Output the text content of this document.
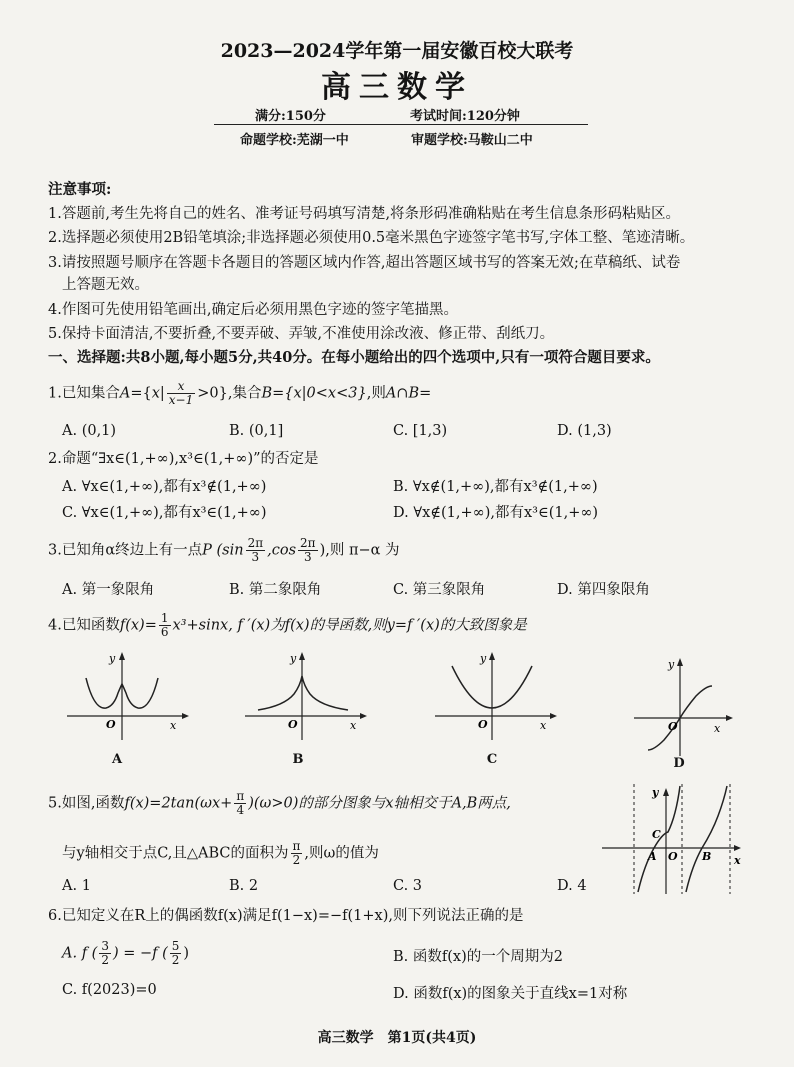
2023—2024学年第一届安徽百校大联考
高三数学
满分:150分	考试时间:120分钟
命题学校:芜湖一中	审题学校:马鞍山二中
注意事项:
1.答题前,考生先将自己的姓名、准考证号码填写清楚,将条形码准确粘贴在考生信息条形码粘贴区。
2.选择题必须使用2B铅笔填涂;非选择题必须使用0.5毫米黑色字迹签字笔书写,字体工整、笔迹清晰。
3.请按照题号顺序在答题卡各题目的答题区域内作答,超出答题区域书写的答案无效;在草稿纸、试卷
上答题无效。
4.作图可先使用铅笔画出,确定后必须用黑色字迹的签字笔描黑。
5.保持卡面清洁,不要折叠,不要弄破、弄皱,不准使用涂改液、修正带、刮纸刀。
一、选择题:共8小题,每小题5分,共40分。在每小题给出的四个选项中,只有一项符合题目要求。
1.已知集合$A=\{x| \frac{x}{x-1} >0\}$,集合B={x|0<x<3},则A∩B=
A. (0,1)	B. (0,1]	C. [1,3)	D. (1,3)
2.命题“∃x∈(1,+∞),x³∈(1,+∞)”的否定是
A. ∀x∈(1,+∞),都有x³∉(1,+∞)	B. ∀x∉(1,+∞),都有x³∉(1,+∞)
C. ∀x∈(1,+∞),都有x³∈(1,+∞)	D. ∀x∉(1,+∞),都有x³∈(1,+∞)
3.已知角α终边上有一点P ($\sin \frac{2\pi}{3} ,\cos \frac{2\pi}{3}$ ),则 π−α 为
A. 第一象限角	B. 第二象限角	C. 第三象限角	D. 第四象限角
4.已知函数$f(x)= \frac{1}{6} x^3+\sin x$, f ′(x)为f(x)的导函数,则y=f ′(x)的大致图象是
O	x
y
A
O	x
y
B
O	x
y
C
O	x
y
D
5.如图,函数$f(x)=2\tan(\omega x+ \frac{\pi}{4} )(\omega>0)$的部分图象与x轴相交于A,B两点,
与y轴相交于点C,且△ABC的面积为 $\frac{\pi}{2}$ ,则ω的值为
A. 1	B. 2	C. 3	D. 4
y
C
A O B x
6.已知定义在R上的偶函数f(x)满足f(1−x)=−f(1+x),则下列说法正确的是
A. f ( $\frac{3}{2}$ ) = −f ( $\frac{5}{2}$ )	B. 函数f(x)的一个周期为2
C. f(2023)=0	D. 函数f(x)的图象关于直线x=1对称
高三数学　第1页(共4页)
